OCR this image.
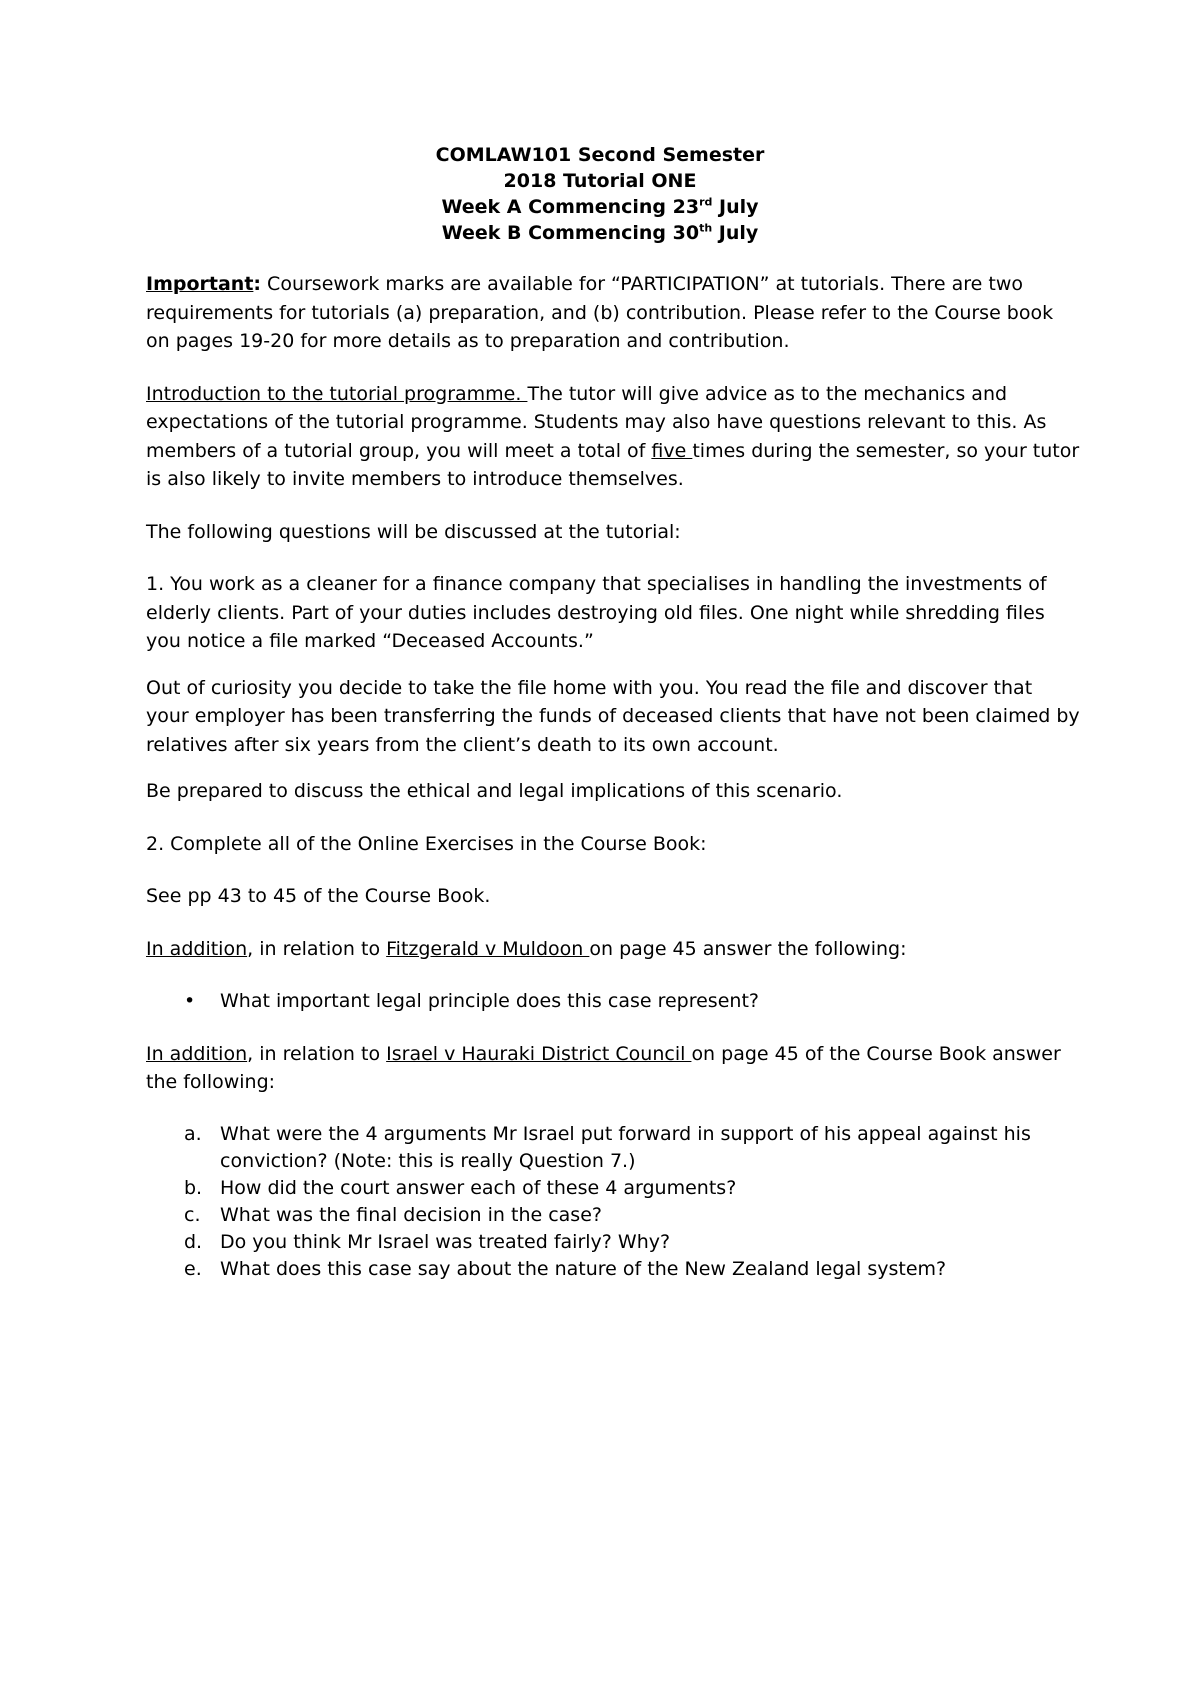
COMLAW101 Second Semester
2018 Tutorial ONE
Week A Commencing 23rd July
Week B Commencing 30th July

Important: Coursework marks are available for “PARTICIPATION” at tutorials. There are two requirements for tutorials (a) preparation, and (b) contribution. Please refer to the Course book on pages 19-20 for more details as to preparation and contribution.

Introduction to the tutorial programme. The tutor will give advice as to the mechanics and expectations of the tutorial programme. Students may also have questions relevant to this. As members of a tutorial group, you will meet a total of five times during the semester, so your tutor is also likely to invite members to introduce themselves.

The following questions will be discussed at the tutorial:

1. You work as a cleaner for a finance company that specialises in handling the investments of elderly clients. Part of your duties includes destroying old files. One night while shredding files you notice a file marked “Deceased Accounts.”

Out of curiosity you decide to take the file home with you. You read the file and discover that your employer has been transferring the funds of deceased clients that have not been claimed by relatives after six years from the client’s death to its own account.

Be prepared to discuss the ethical and legal implications of this scenario.

2. Complete all of the Online Exercises in the Course Book:

See pp 43 to 45 of the Course Book.

In addition, in relation to Fitzgerald v Muldoon on page 45 answer the following:

• What important legal principle does this case represent?

In addition, in relation to Israel v Hauraki District Council on page 45 of the Course Book answer the following:

a. What were the 4 arguments Mr Israel put forward in support of his appeal against his conviction? (Note: this is really Question 7.)
b. How did the court answer each of these 4 arguments?
c. What was the final decision in the case?
d. Do you think Mr Israel was treated fairly? Why?
e. What does this case say about the nature of the New Zealand legal system?
